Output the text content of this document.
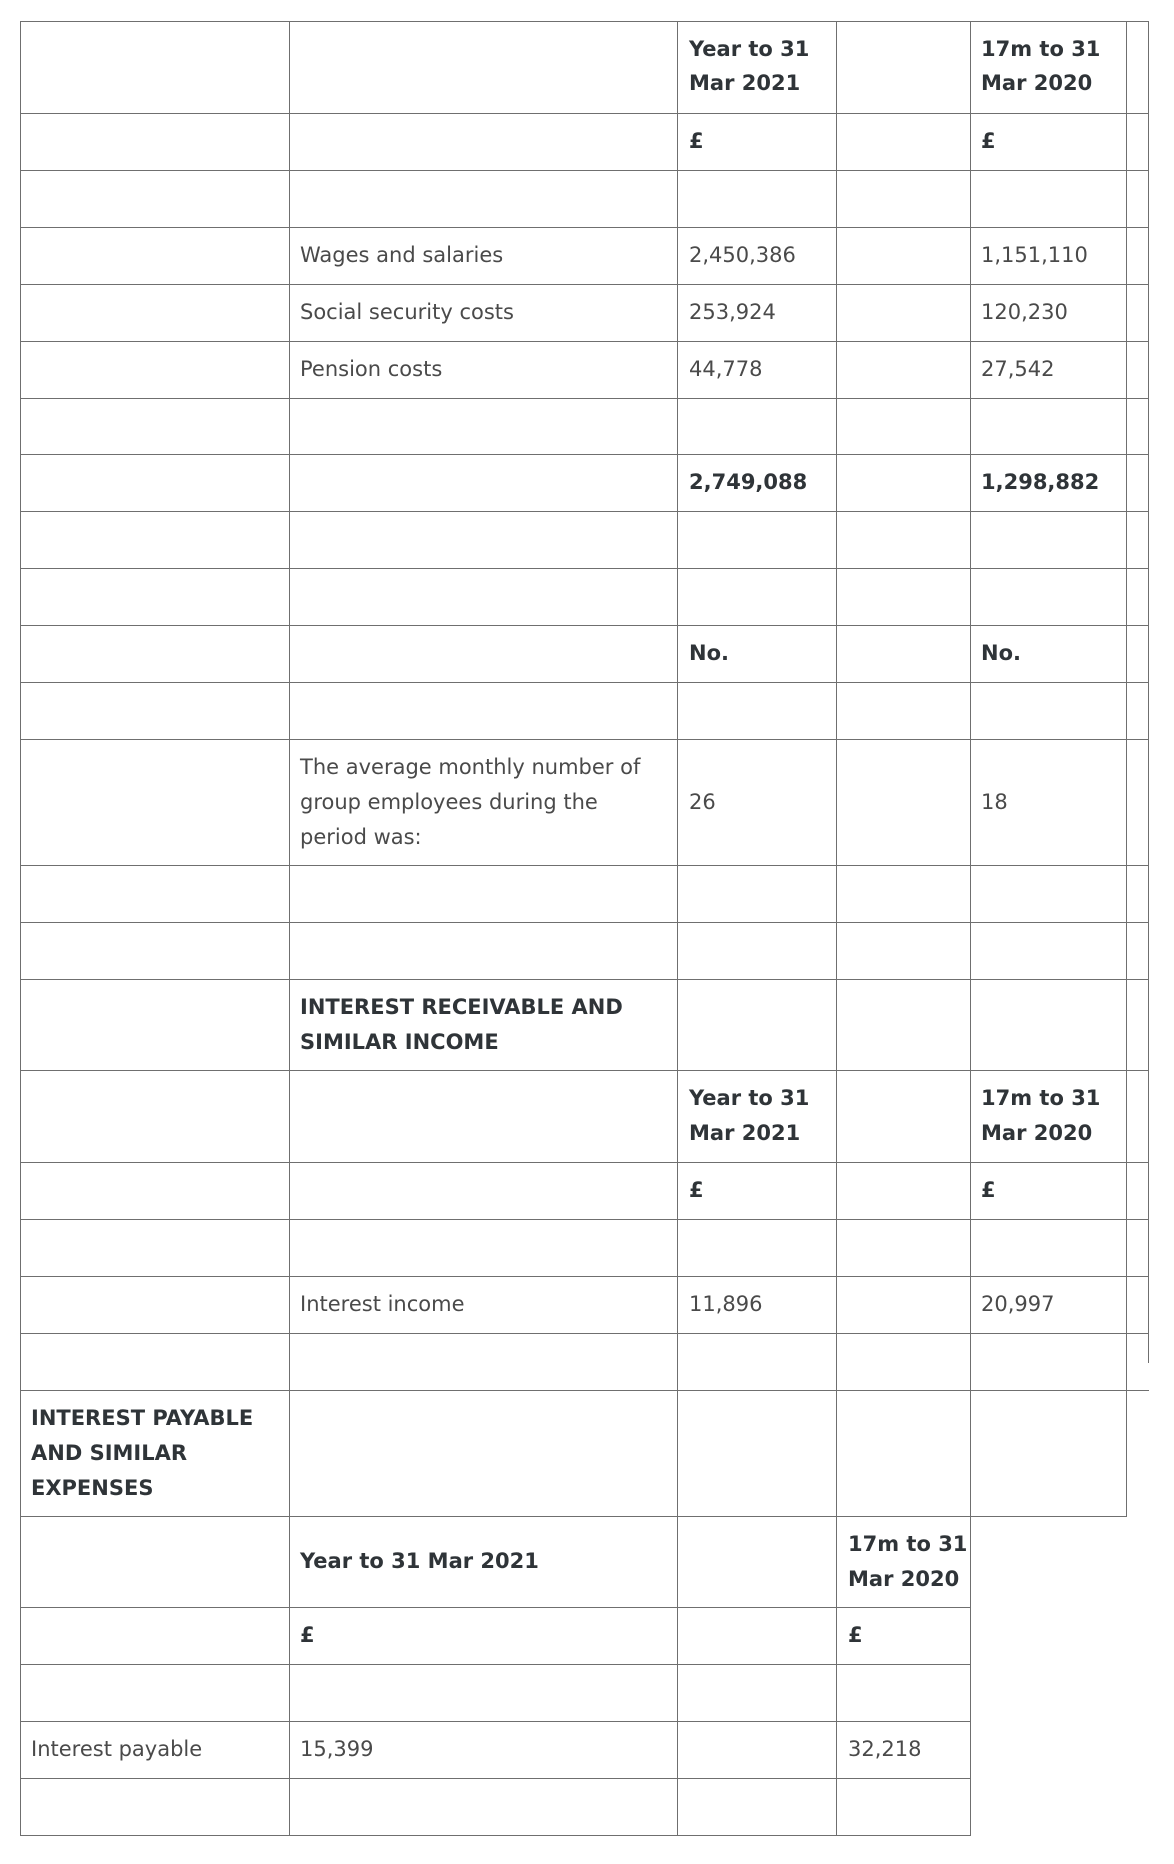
Year to 31
Mar 2021
17m to 31
Mar 2020
£	£
Wages and salaries	2,450,386	1,151,110
Social security costs	253,924	120,230
Pension costs	44,778	27,542
2,749,088	1,298,882
No.	No.
The average monthly number of
group employees during the
period was:
26	18
INTEREST RECEIVABLE AND
SIMILAR INCOME
Year to 31
Mar 2021
17m to 31
Mar 2020
£	£
Interest income	11,896	20,997
INTEREST PAYABLE
AND SIMILAR
EXPENSES
Year to 31 Mar 2021
17m to 31
Mar 2020
£	£
Interest payable	15,399	32,218
